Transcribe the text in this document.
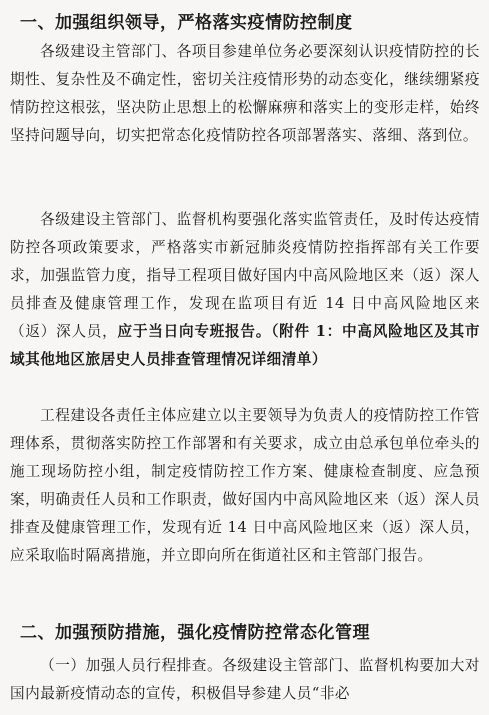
一、加强组织领导，严格落实疫情防控制度
各级建设主管部门、各项目参建单位务必要深刻认识疫情防控的长期性、复杂性及不确定性，密切关注疫情形势的动态变化，继续绷紧疫情防控这根弦，坚决防止思想上的松懈麻痹和落实上的变形走样，始终坚持问题导向，切实把常态化疫情防控各项部署落实、落细、落到位。
各级建设主管部门、监督机构要强化落实监管责任，及时传达疫情防控各项政策要求，严格落实市新冠肺炎疫情防控指挥部有关工作要求，加强监管力度，指导工程项目做好国内中高风险地区来（返）深人员排查及健康管理工作，发现在监项目有近 14 日中高风险地区来（返）深人员，应于当日向专班报告。（附件 1：中高风险地区及其市域其他地区旅居史人员排查管理情况详细清单）
工程建设各责任主体应建立以主要领导为负责人的疫情防控工作管理体系，贯彻落实防控工作部署和有关要求，成立由总承包单位牵头的施工现场防控小组，制定疫情防控工作方案、健康检查制度、应急预案，明确责任人员和工作职责，做好国内中高风险地区来（返）深人员排查及健康管理工作，发现有近 14 日中高风险地区来（返）深人员，应采取临时隔离措施，并立即向所在街道社区和主管部门报告。
二、加强预防措施，强化疫情防控常态化管理
（一）加强人员行程排查。各级建设主管部门、监督机构要加大对国内最新疫情动态的宣传，积极倡导参建人员“非必
